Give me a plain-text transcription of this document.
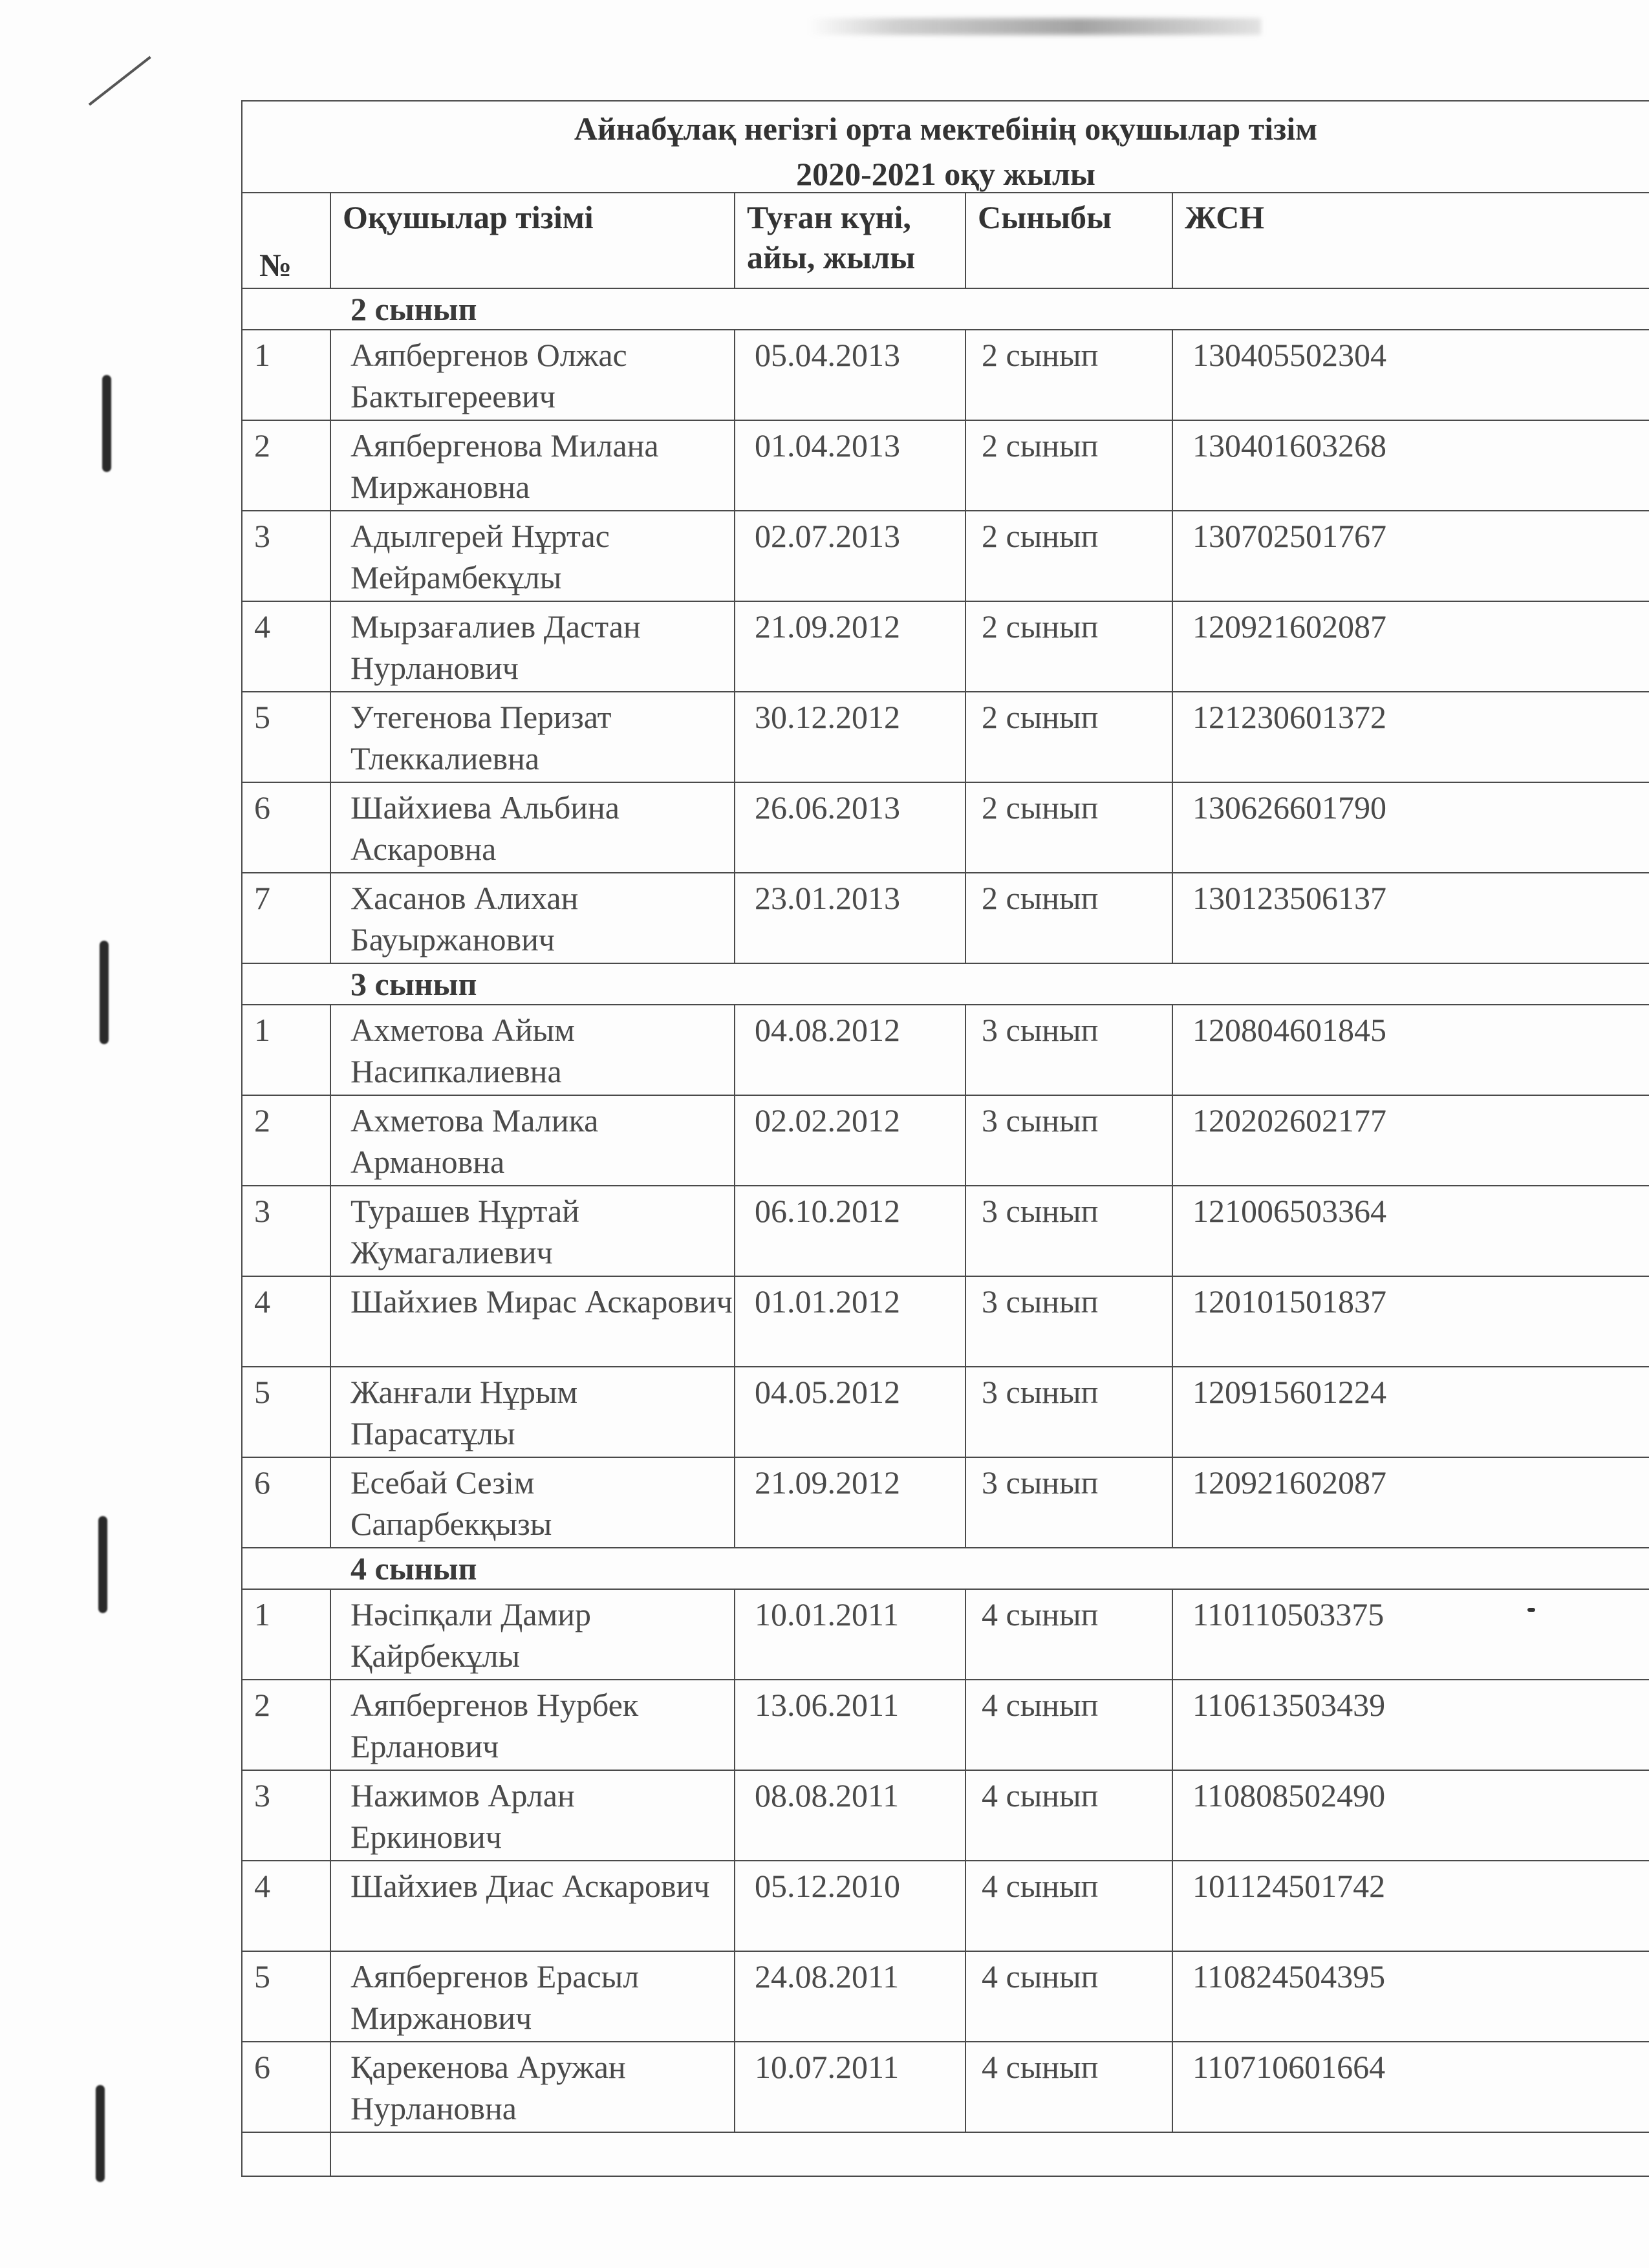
Айнабұлақ негізгі орта мектебінің оқушылар тізім
2020-2021 оқу жылы				

№	Оқушылар тізімі	Туған күні, айы, жылы	Сыныбы	ЖСН
	2 сынып			
1	Аяпбергенов Олжас Бактыгереевич	05.04.2013	2 сынып	130405502304
2	Аяпбергенова Милана Миржановна	01.04.2013	2 сынып	130401603268
3	Адылгерей Нұртас Мейрамбекұлы	02.07.2013	2 сынып	130702501767
4	Мырзағалиев Дастан Нурланович	21.09.2012	2 сынып	120921602087
5	Утегенова Перизат Тлеккалиевна	30.12.2012	2 сынып	121230601372
6	Шайхиева Альбина Аскаровна	26.06.2013	2 сынып	130626601790
7	Хасанов Алихан Бауыржанович	23.01.2013	2 сынып	130123506137
	3 сынып			
1	Ахметова Айым Насипкалиевна	04.08.2012	3 сынып	120804601845
2	Ахметова Малика Армановна	02.02.2012	3 сынып	120202602177
3	Турашев Нұртай Жумагалиевич	06.10.2012	3 сынып	121006503364
4	Шайхиев Мирас Аскарович	01.01.2012	3 сынып	120101501837
5	Жанғали Нұрым Парасатұлы	04.05.2012	3 сынып	120915601224
6	Есебай Сезім Сапарбекқызы	21.09.2012	3 сынып	120921602087
	4 сынып			
1	Нәсіпқали Дамир Қайрбекұлы	10.01.2011	4 сынып	110110503375
2	Аяпбергенов Нурбек Ерланович	13.06.2011	4 сынып	110613503439
3	Нажимов Арлан Еркинович	08.08.2011	4 сынып	110808502490
4	Шайхиев Диас Аскарович	05.12.2010	4 сынып	101124501742
5	Аяпбергенов Ерасыл Миржанович	24.08.2011	4 сынып	110824504395
6	Қарекенова Аружан Нурлановна	10.07.2011	4 сынып	110710601664
